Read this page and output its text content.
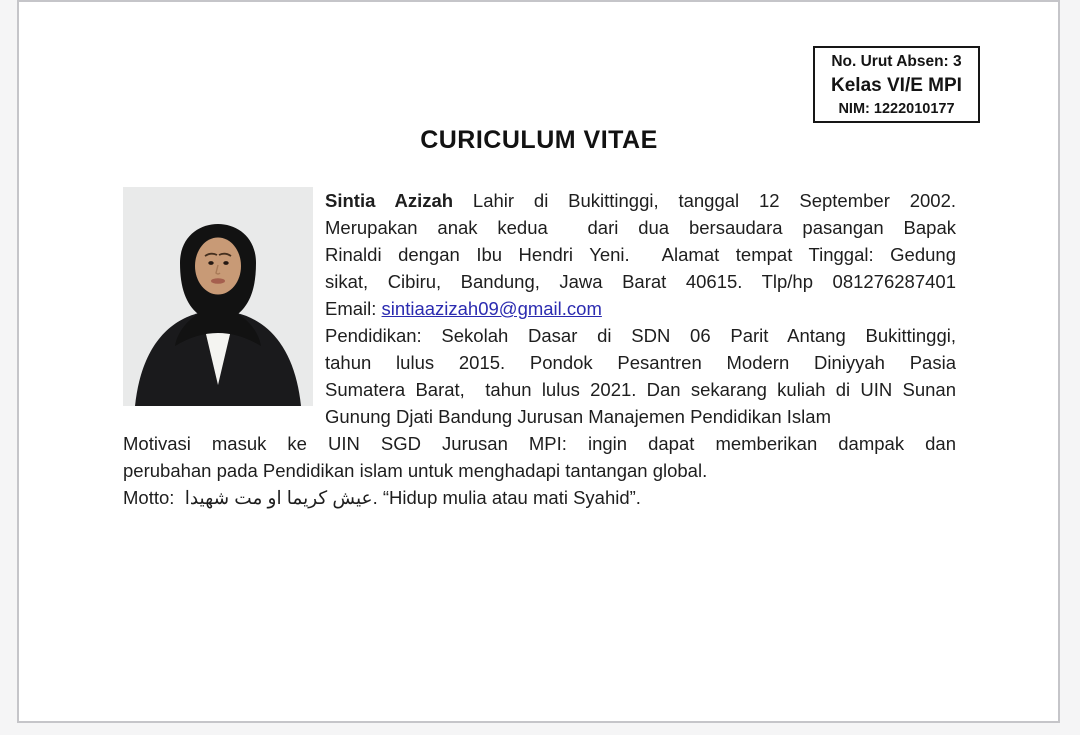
No. Urut Absen: 3
Kelas VI/E MPI
NIM: 1222010177
CURICULUM VITAE
Sintia Azizah Lahir di Bukittinggi, tanggal 12 September 2002.
Merupakan anak kedua  dari dua bersaudara pasangan Bapak
Rinaldi dengan Ibu Hendri Yeni.  Alamat tempat Tinggal: Gedung
sikat, Cibiru, Bandung, Jawa Barat 40615. Tlp/hp 081276287401
Email: sintiaazizah09@gmail.com
Pendidikan: Sekolah Dasar di SDN 06 Parit Antang Bukittinggi,
tahun lulus 2015. Pondok Pesantren Modern Diniyyah Pasia
Sumatera Barat,  tahun lulus 2021. Dan sekarang kuliah di UIN Sunan
Gunung Djati Bandung Jurusan Manajemen Pendidikan Islam
Motivasi masuk ke UIN SGD Jurusan MPI: ingin dapat memberikan dampak dan
perubahan pada Pendidikan islam untuk menghadapi tantangan global.
Motto:  عيش كريما او مت شهيدا. “Hidup mulia atau mati Syahid”.
